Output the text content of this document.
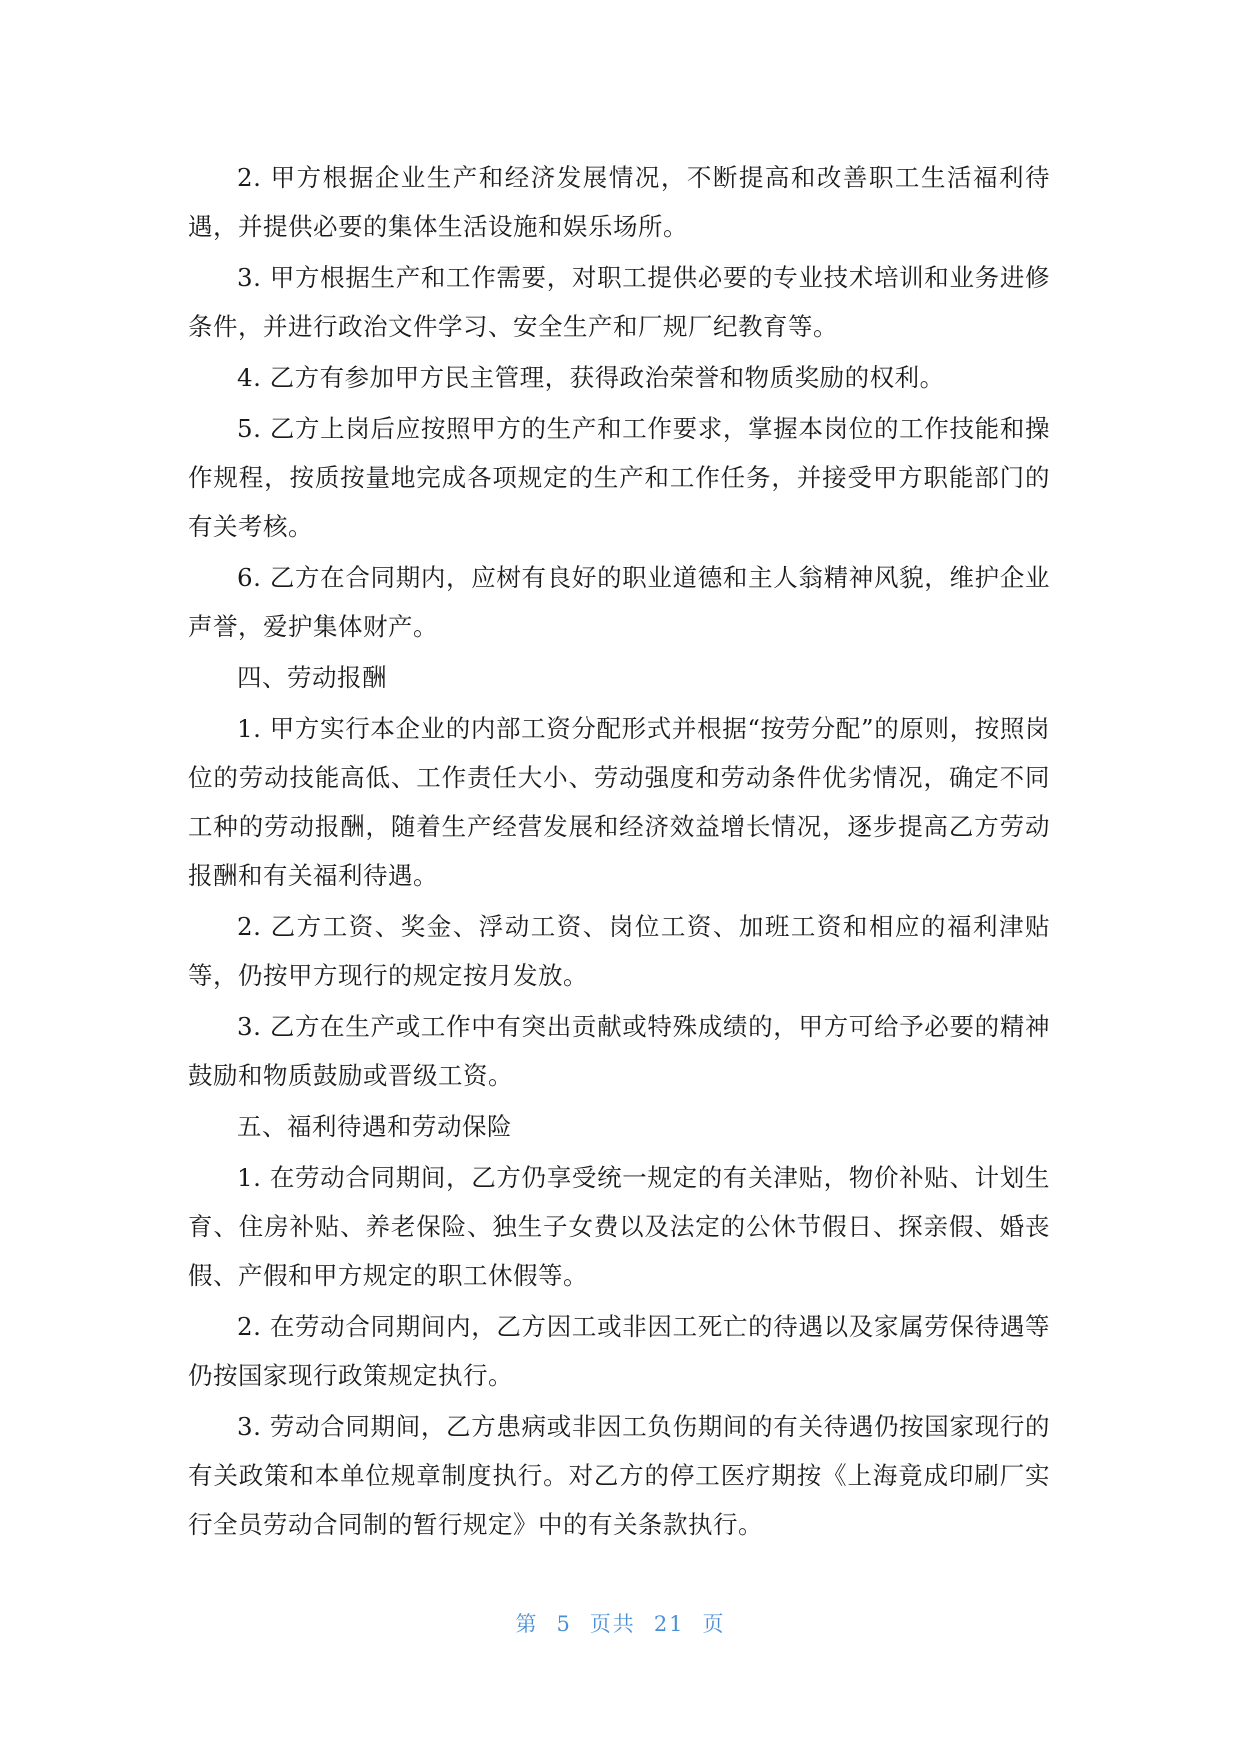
2. 甲方根据企业生产和经济发展情况，不断提高和改善职工生活福利待遇，并提供必要的集体生活设施和娱乐场所。

3. 甲方根据生产和工作需要，对职工提供必要的专业技术培训和业务进修条件，并进行政治文件学习、安全生产和厂规厂纪教育等。

4. 乙方有参加甲方民主管理，获得政治荣誉和物质奖励的权利。

5. 乙方上岗后应按照甲方的生产和工作要求，掌握本岗位的工作技能和操作规程，按质按量地完成各项规定的生产和工作任务，并接受甲方职能部门的有关考核。

6. 乙方在合同期内，应树有良好的职业道德和主人翁精神风貌，维护企业声誉，爱护集体财产。

四、劳动报酬

1. 甲方实行本企业的内部工资分配形式并根据“按劳分配”的原则，按照岗位的劳动技能高低、工作责任大小、劳动强度和劳动条件优劣情况，确定不同工种的劳动报酬，随着生产经营发展和经济效益增长情况，逐步提高乙方劳动报酬和有关福利待遇。

2. 乙方工资、奖金、浮动工资、岗位工资、加班工资和相应的福利津贴等，仍按甲方现行的规定按月发放。

3. 乙方在生产或工作中有突出贡献或特殊成绩的，甲方可给予必要的精神鼓励和物质鼓励或晋级工资。

五、福利待遇和劳动保险

1. 在劳动合同期间，乙方仍享受统一规定的有关津贴，物价补贴、计划生育、住房补贴、养老保险、独生子女费以及法定的公休节假日、探亲假、婚丧假、产假和甲方规定的职工休假等。

2. 在劳动合同期间内，乙方因工或非因工死亡的待遇以及家属劳保待遇等仍按国家现行政策规定执行。

3. 劳动合同期间，乙方患病或非因工负伤期间的有关待遇仍按国家现行的有关政策和本单位规章制度执行。对乙方的停工医疗期按《上海竟成印刷厂实行全员劳动合同制的暂行规定》中的有关条款执行。

第 5 页共 21 页
